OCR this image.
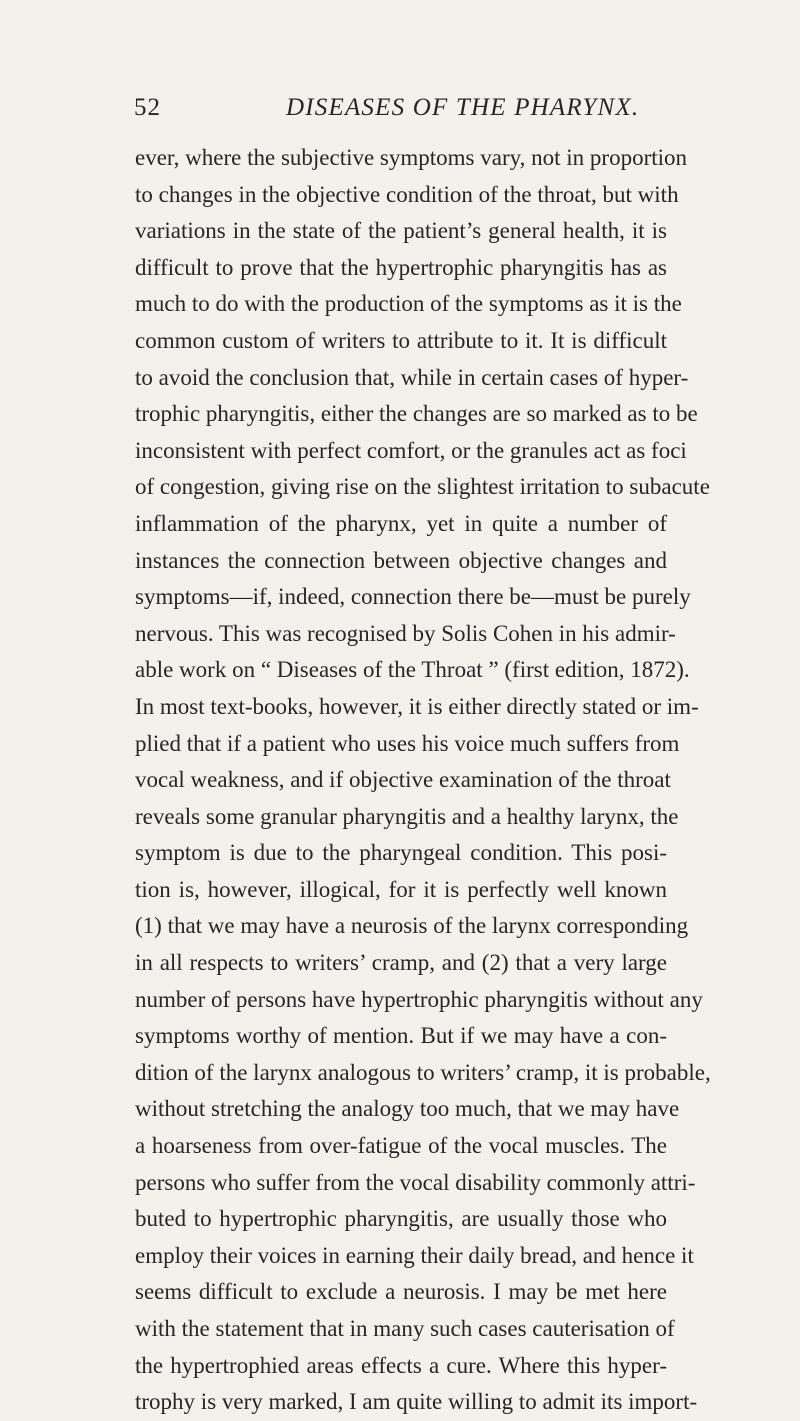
52	DISEASES OF THE PHARYNX.
ever, where the subjective symptoms vary, not in proportion
to changes in the objective condition of the throat, but with
variations in the state of the patient’s general health, it is
difficult to prove that the hypertrophic pharyngitis has as
much to do with the production of the symptoms as it is the
common custom of writers to attribute to it. It is difficult
to avoid the conclusion that, while in certain cases of hyper-
trophic pharyngitis, either the changes are so marked as to be
inconsistent with perfect comfort, or the granules act as foci
of congestion, giving rise on the slightest irritation to subacute
inflammation of the pharynx, yet in quite a number of
instances the connection between objective changes and
symptoms—if, indeed, connection there be—must be purely
nervous. This was recognised by Solis Cohen in his admir-
able work on “ Diseases of the Throat ” (first edition, 1872).
In most text-books, however, it is either directly stated or im-
plied that if a patient who uses his voice much suffers from
vocal weakness, and if objective examination of the throat
reveals some granular pharyngitis and a healthy larynx, the
symptom is due to the pharyngeal condition. This posi-
tion is, however, illogical, for it is perfectly well known
(1) that we may have a neurosis of the larynx corresponding
in all respects to writers’ cramp, and (2) that a very large
number of persons have hypertrophic pharyngitis without any
symptoms worthy of mention. But if we may have a con-
dition of the larynx analogous to writers’ cramp, it is probable,
without stretching the analogy too much, that we may have
a hoarseness from over-fatigue of the vocal muscles. The
persons who suffer from the vocal disability commonly attri-
buted to hypertrophic pharyngitis, are usually those who
employ their voices in earning their daily bread, and hence it
seems difficult to exclude a neurosis. I may be met here
with the statement that in many such cases cauterisation of
the hypertrophied areas effects a cure. Where this hyper-
trophy is very marked, I am quite willing to admit its import-
